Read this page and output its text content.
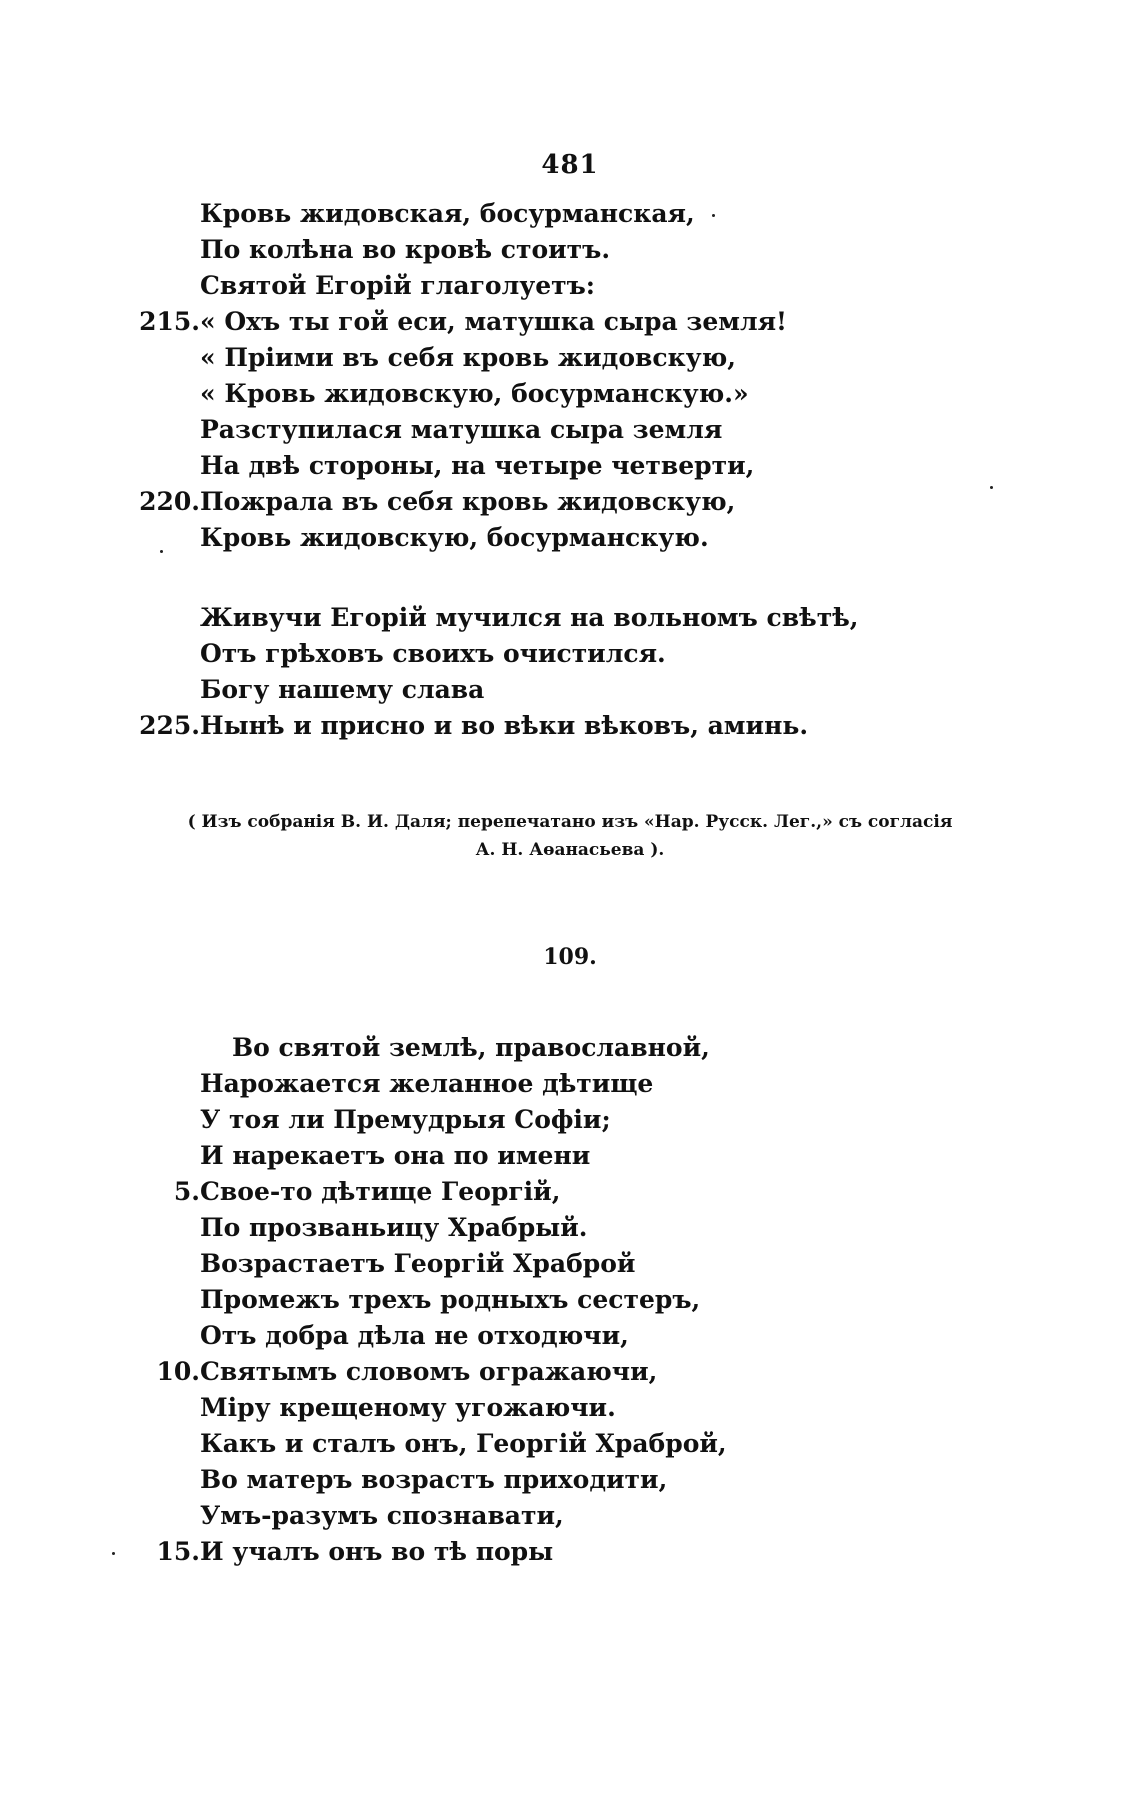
481
Кровь жидовская, босурманская,
По колѣна во кровѣ стоитъ.
Святой Егорій глаголуетъ:
215. « Охъ ты гой еси, матушка сыра земля!
« Пріими въ себя кровь жидовскую,
« Кровь жидовскую, босурманскую.»
Разступилася матушка сыра земля
На двѣ стороны, на четыре четверти,
220. Пожрала въ себя кровь жидовскую,
Кровь жидовскую, босурманскую.
Живучи Егорій мучился на вольномъ свѣтѣ,
Отъ грѣховъ своихъ очистился.
Богу нашему слава
225. Нынѣ и присно и во вѣки вѣковъ, аминь.
( Изъ собранія В. И. Даля; перепечатано изъ «Нар. Русск. Лег.,» съ согласія
А. Н. Аөанасьева ).
109.
Во святой землѣ, православной,
Нарожается желанное дѣтище
У тоя ли Премудрыя Софіи;
И нарекаетъ она по имени
5. Свое-то дѣтище Георгій,
По прозваньицу Храбрый.
Возрастаетъ Георгій Храброй
Промежъ трехъ родныхъ сестеръ,
Отъ добра дѣла не отходючи,
10. Святымъ словомъ огражаючи,
Міру крещеному угожаючи.
Какъ и сталъ онъ, Георгій Храброй,
Во матеръ возрастъ приходити,
Умъ-разумъ спознавати,
15. И учалъ онъ во тѣ поры
